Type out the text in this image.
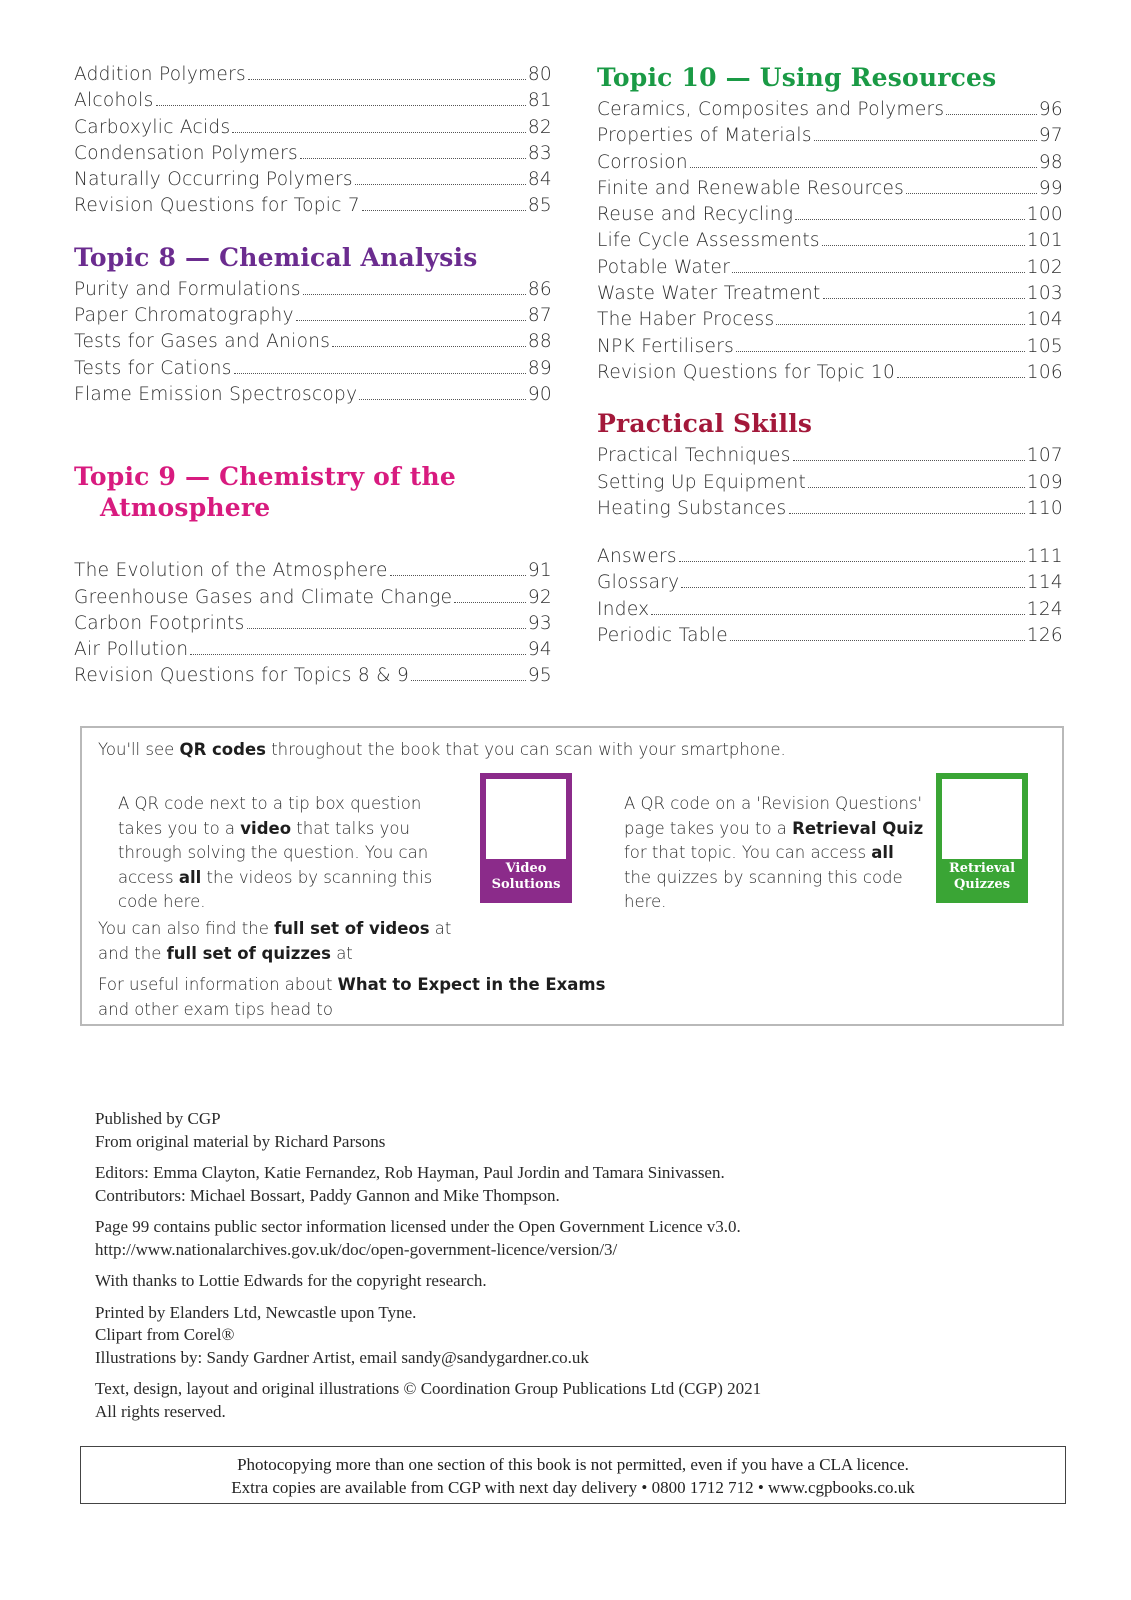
Addition Polymers	80
Alcohols	81
Carboxylic Acids	82
Condensation Polymers	83
Naturally Occurring Polymers	84
Revision Questions for Topic 7	85
Topic 8 — Chemical Analysis
Purity and Formulations	86
Paper Chromatography	87
Tests for Gases and Anions	88
Tests for Cations	89
Flame Emission Spectroscopy	90

Topic 9 — Chemistry of the

Atmosphere

The Evolution of the Atmosphere	91
Greenhouse Gases and Climate Change	92
Carbon Footprints	93
Air Pollution	94
Revision Questions for Topics 8 & 9	95
Topic 10 — Using Resources
Ceramics, Composites and Polymers	96
Properties of Materials	97
Corrosion	98
Finite and Renewable Resources	99
Reuse and Recycling	100
Life Cycle Assessments	101
Potable Water	102
Waste Water Treatment	103
The Haber Process	104
NPK Fertilisers	105
Revision Questions for Topic 10	106
Practical Skills
Practical Techniques	107
Setting Up Equipment	109
Heating Substances	110
Answers	111
Glossary	114
Index	124
Periodic Table	126

You'll see QR codes throughout the book that you can scan with your smartphone.

A QR code next to a tip box question takes you to a video that talks you through solving the question. You can access all the videos by scanning this code here.

Video Solutions

A QR code on a 'Revision Questions' page takes you to a Retrieval Quiz for that topic. You can access all the quizzes by scanning this code here.

Retrieval Quizzes
You can also find the full set of videos at
and the full set of quizzes at

For useful information about What to Expect in the Exams and other exam tips head to

Published by CGP
From original material by Richard Parsons
Editors: Emma Clayton, Katie Fernandez, Rob Hayman, Paul Jordin and Tamara Sinivassen.
Contributors: Michael Bossart, Paddy Gannon and Mike Thompson.
Page 99 contains public sector information licensed under the Open Government Licence v3.0.
http://www.nationalarchives.gov.uk/doc/open-government-licence/version/3/
With thanks to Lottie Edwards for the copyright research.
Printed by Elanders Ltd, Newcastle upon Tyne.
Clipart from Corel®
Illustrations by: Sandy Gardner Artist, email sandy@sandygardner.co.uk
Text, design, layout and original illustrations © Coordination Group Publications Ltd (CGP) 2021
All rights reserved.
Photocopying more than one section of this book is not permitted, even if you have a CLA licence.
Extra copies are available from CGP with next day delivery • 0800 1712 712 • www.cgpbooks.co.uk
